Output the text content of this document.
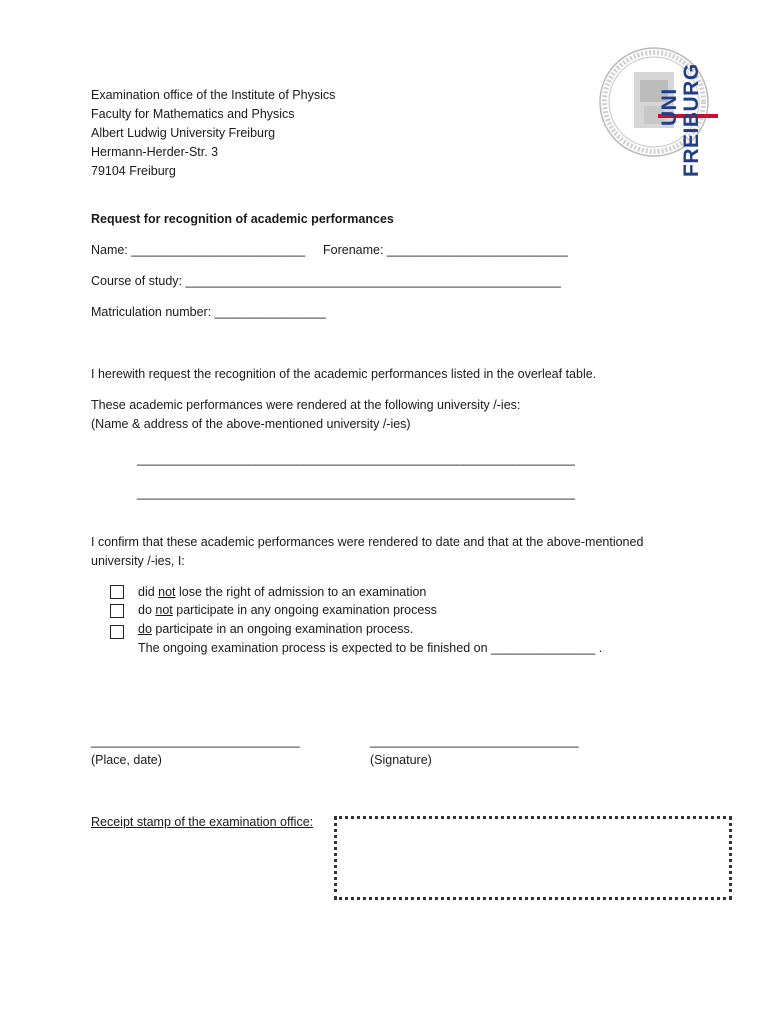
Examination office of the Institute of Physics
Faculty for Mathematics and Physics
Albert Ludwig University Freiburg
Hermann-Herder-Str. 3
79104 Freiburg
UNI FREIBURG
Request for recognition of academic performances
Name: _________________________ Forename: __________________________
Course of study: ______________________________________________________
Matriculation number: ________________
I herewith request the recognition of the academic performances listed in the overleaf table.
These academic performances were rendered at the following university /-ies:
(Name & address of the above-mentioned university /-ies)
_______________________________________________________________
_______________________________________________________________
I confirm that these academic performances were rendered to date and that at the above-mentioned
university /-ies, I:
did not lose the right of admission to an examination
do not participate in any ongoing examination process
do participate in an ongoing examination process.
The ongoing examination process is expected to be finished on _______________ .
______________________________
(Place, date)
______________________________
(Signature)
Receipt stamp of the examination office:
